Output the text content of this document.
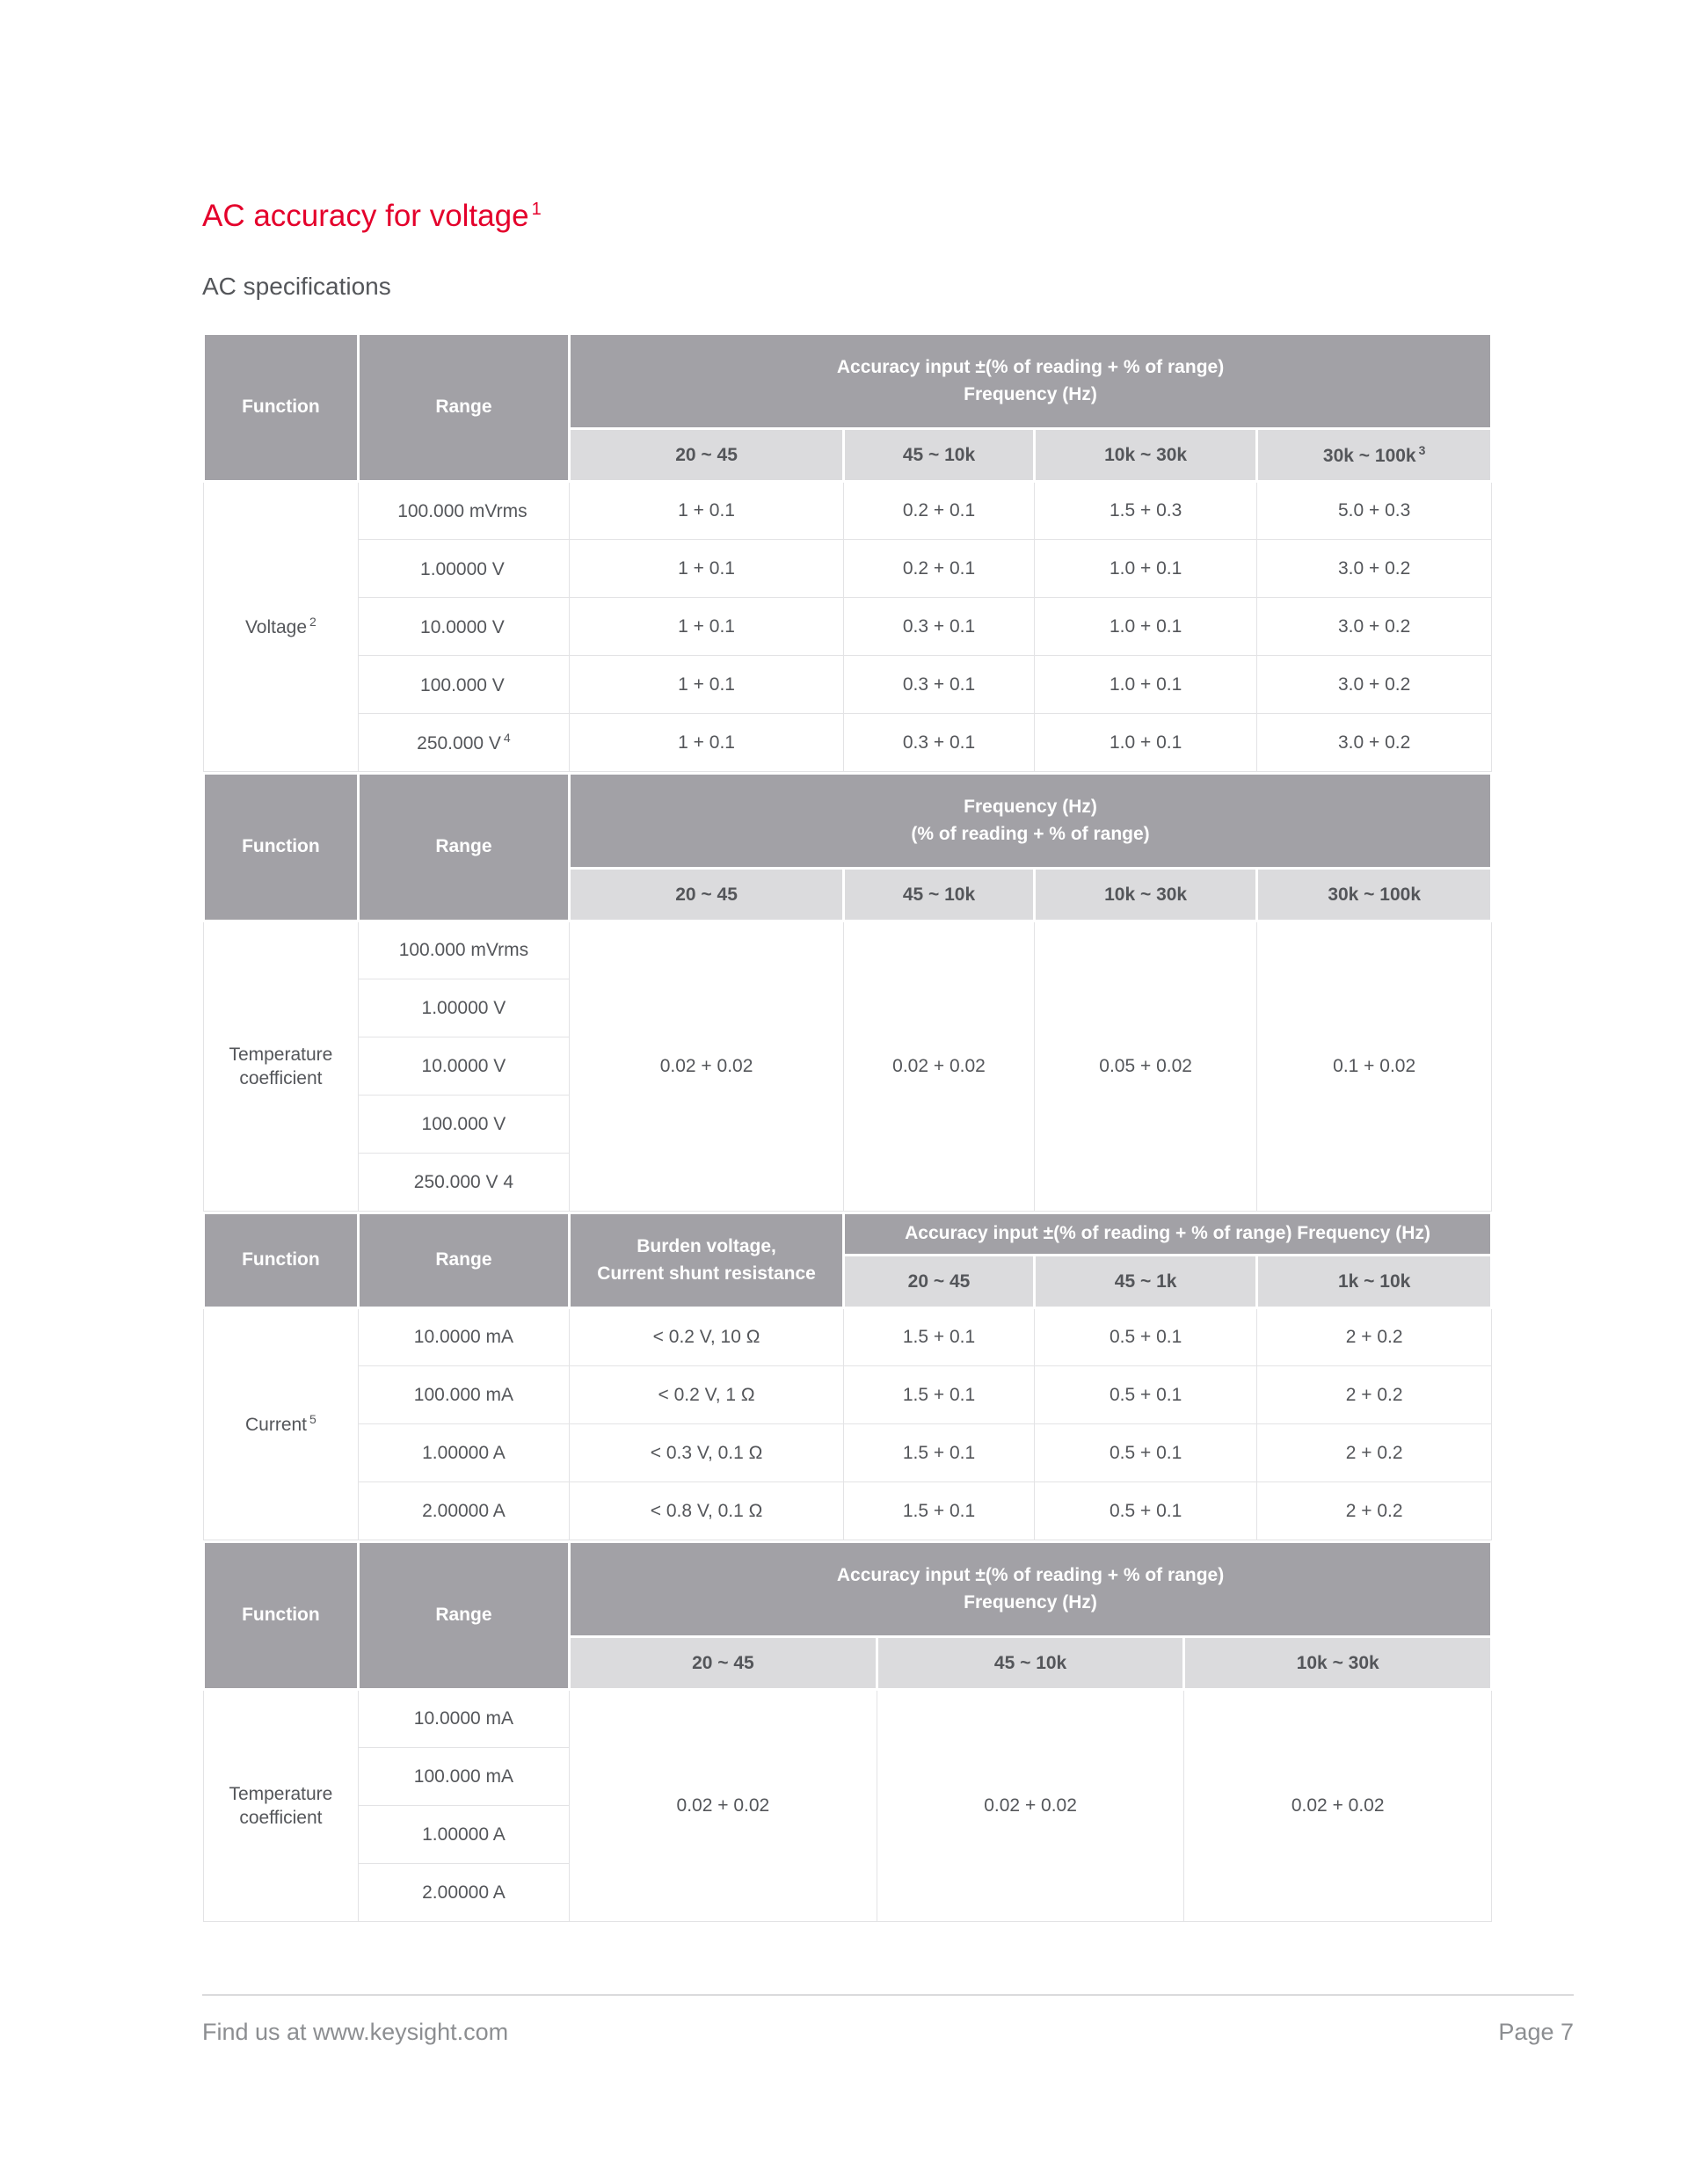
AC accuracy for voltage $^1$
AC specifications
Function	Range	Accuracy input ±(% of reading + % of range)
Frequency (Hz)			

		20 ~ 45	45 ~ 10k	10k ~ 30k	30k ~ 100k $^3$
Voltage $^2$	100.000 mVrms	1 + 0.1	0.2 + 0.1	1.5 + 0.3	5.0 + 0.3
	1.00000 V	1 + 0.1	0.2 + 0.1	1.0 + 0.1	3.0 + 0.2
	10.0000 V	1 + 0.1	0.3 + 0.1	1.0 + 0.1	3.0 + 0.2
	100.000 V	1 + 0.1	0.3 + 0.1	1.0 + 0.1	3.0 + 0.2
	250.000 V $^4$	1 + 0.1	0.3 + 0.1	1.0 + 0.1	3.0 + 0.2
Function	Range	Frequency (Hz)
(% of reading + % of range)			

		20 ~ 45	45 ~ 10k	10k ~ 30k	30k ~ 100k
Temperature coefficient	100.000 mVrms	0.02 + 0.02	0.02 + 0.02	0.05 + 0.02	0.1 + 0.02
	1.00000 V				
	10.0000 V				
	100.000 V				
	250.000 V 4				
Function	Range	Burden voltage,
Current shunt resistance	Accuracy input ±(% of reading + % of range) Frequency (Hz)		
			20 ~ 45	45 ~ 1k	1k ~ 10k
Current $^5$	10.0000 mA	< 0.2 V, 10 Ω	1.5 + 0.1	0.5 + 0.1	2 + 0.2
	100.000 mA	< 0.2 V, 1 Ω	1.5 + 0.1	0.5 + 0.1	2 + 0.2
	1.00000 A	< 0.3 V, 0.1 Ω	1.5 + 0.1	0.5 + 0.1	2 + 0.2
	2.00000 A	< 0.8 V, 0.1 Ω	1.5 + 0.1	0.5 + 0.1	2 + 0.2
Function	Range	Accuracy input ±(% of reading + % of range)
Frequency (Hz)		

		20 ~ 45	45 ~ 10k	10k ~ 30k
Temperature coefficient	10.0000 mA	0.02 + 0.02	0.02 + 0.02	0.02 + 0.02
	100.000 mA			
	1.00000 A			
	2.00000 A			
Find us at www.keysight.com	Page 7
